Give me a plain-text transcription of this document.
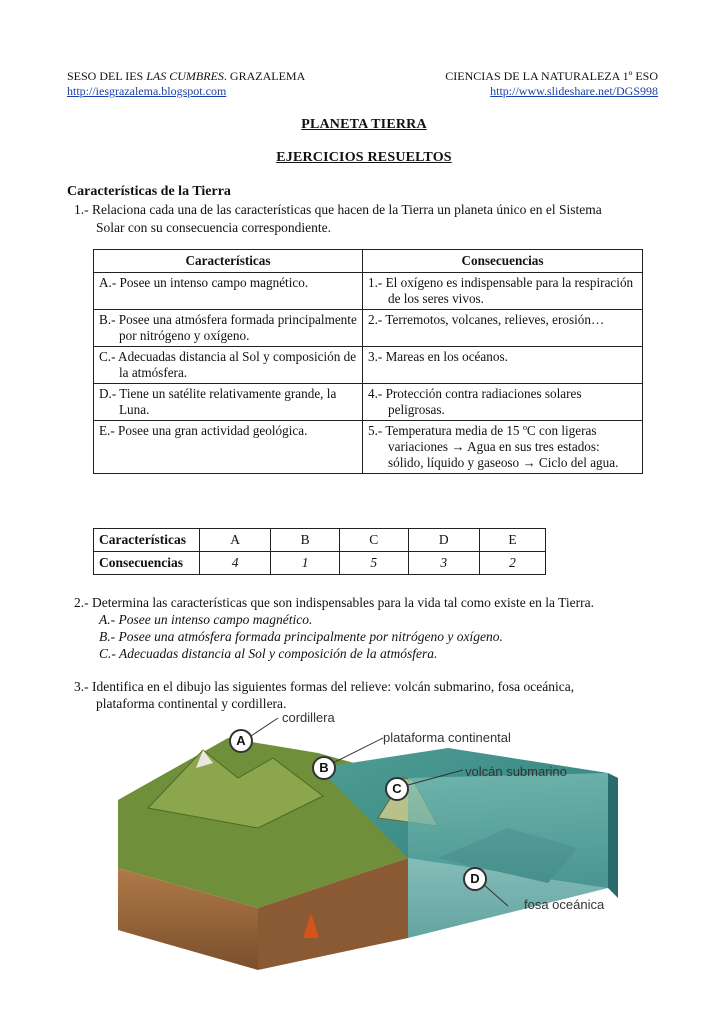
SESO DEL IES LAS CUMBRES. GRAZALEMA	CIENCIAS DE LA NATURALEZA 1º ESO
http://iesgrazalema.blogspot.com	http://www.slideshare.net/DGS998
PLANETA TIERRA
EJERCICIOS RESUELTOS
Características de la Tierra
1.- Relaciona cada una de las características que hacen de la Tierra un planeta único en el Sistema
Solar con su consecuencia correspondiente.
Características	Consecuencias

A.- Posee un intenso campo magnético.	1.- El oxígeno es indispensable para la respiración de los seres vivos.

B.- Posee una atmósfera formada principalmente por nitrógeno y oxígeno.	2.- Terremotos, volcanes, relieves, erosión…

C.- Adecuadas distancia al Sol y composición de la atmósfera.	3.- Mareas en los océanos.

D.- Tiene un satélite relativamente grande, la Luna.	4.- Protección contra radiaciones solares peligrosas.

E.- Posee una gran actividad geológica.	5.- Temperatura media de 15 ºC con ligeras variaciones → Agua en sus tres estados: sólido, líquido y gaseoso → Ciclo del agua.
Características	A	B	C	D	E
Consecuencias	4	1	5	3	2
2.- Determina las características que son indispensables para la vida tal como existe en la Tierra.
A.- Posee un intenso campo magnético.
B.- Posee una atmósfera formada principalmente por nitrógeno y oxígeno.
C.- Adecuadas distancia al Sol y composición de la atmósfera.
3.- Identifica en el dibujo las siguientes formas del relieve: volcán submarino, fosa oceánica,
plataforma continental y cordillera.
cordillera
plataforma continental
volcán submarino
fosa oceánica
A
B
C
D
